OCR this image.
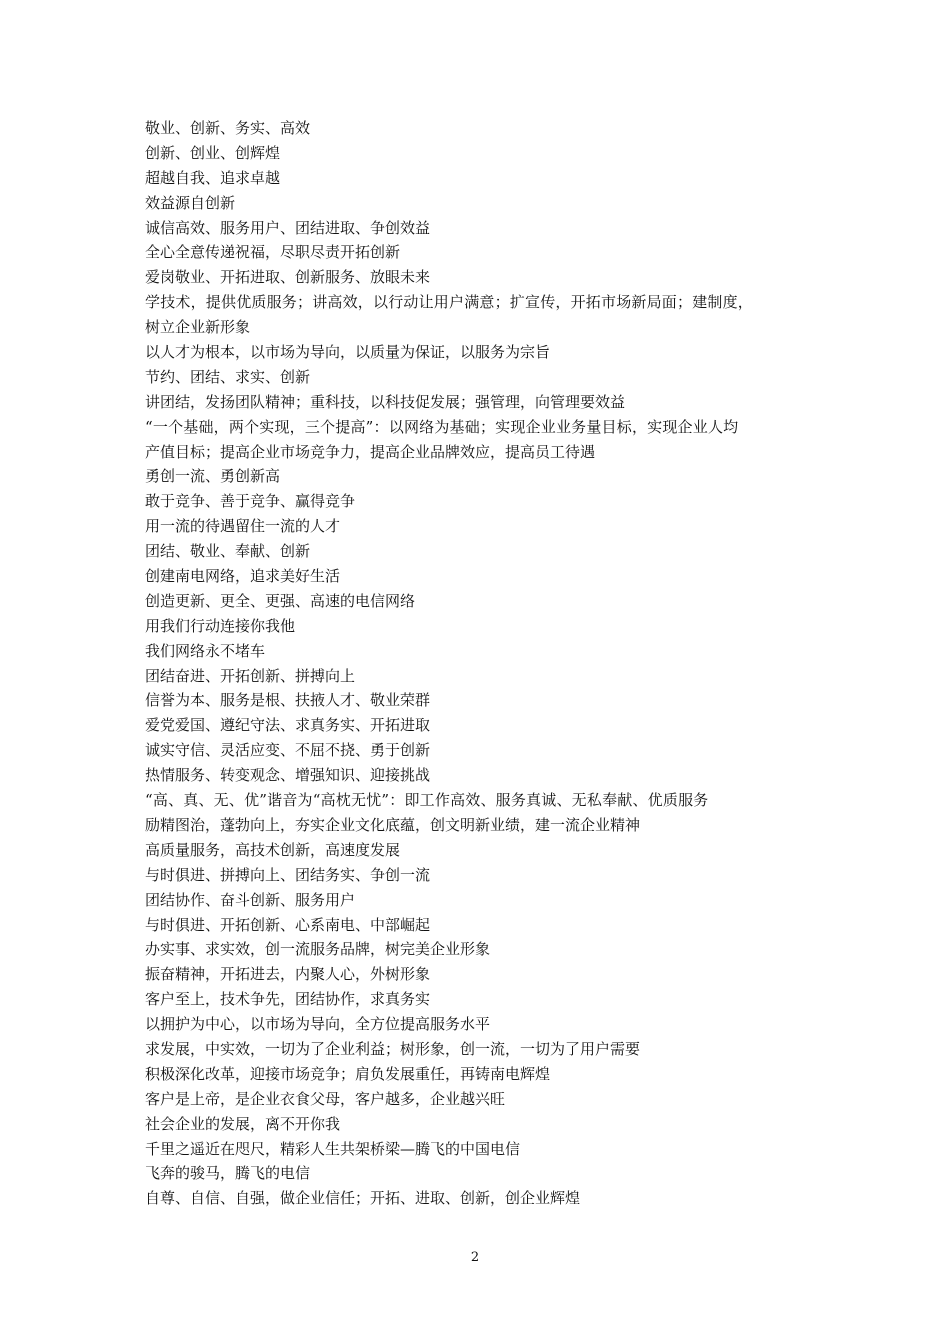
敬业、创新、务实、高效
创新、创业、创辉煌
超越自我、追求卓越
效益源自创新
诚信高效、服务用户、团结进取、争创效益
全心全意传递祝福，尽职尽责开拓创新
爱岗敬业、开拓进取、创新服务、放眼未来
学技术，提供优质服务；讲高效，以行动让用户满意；扩宣传，开拓市场新局面；建制度，
树立企业新形象
以人才为根本，以市场为导向，以质量为保证，以服务为宗旨
节约、团结、求实、创新
讲团结，发扬团队精神；重科技，以科技促发展；强管理，向管理要效益
“一个基础，两个实现，三个提高”：以网络为基础；实现企业业务量目标，实现企业人均
产值目标；提高企业市场竞争力，提高企业品牌效应，提高员工待遇
勇创一流、勇创新高
敢于竞争、善于竞争、赢得竞争
用一流的待遇留住一流的人才
团结、敬业、奉献、创新
创建南电网络，追求美好生活
创造更新、更全、更强、高速的电信网络
用我们行动连接你我他
我们网络永不堵车
团结奋进、开拓创新、拼搏向上
信誉为本、服务是根、扶掖人才、敬业荣群
爱党爱国、遵纪守法、求真务实、开拓进取
诚实守信、灵活应变、不屈不挠、勇于创新
热情服务、转变观念、增强知识、迎接挑战
“高、真、无、优”谐音为“高枕无忧”：即工作高效、服务真诚、无私奉献、优质服务
励精图治，蓬勃向上，夯实企业文化底蕴，创文明新业绩，建一流企业精神
高质量服务，高技术创新，高速度发展
与时俱进、拼搏向上、团结务实、争创一流
团结协作、奋斗创新、服务用户
与时俱进、开拓创新、心系南电、中部崛起
办实事、求实效，创一流服务品牌，树完美企业形象
振奋精神，开拓进去，内聚人心，外树形象
客户至上，技术争先，团结协作，求真务实
以拥护为中心，以市场为导向，全方位提高服务水平
求发展，中实效，一切为了企业利益；树形象，创一流，一切为了用户需要
积极深化改革，迎接市场竞争；肩负发展重任，再铸南电辉煌
客户是上帝，是企业衣食父母，客户越多，企业越兴旺
社会企业的发展，离不开你我
千里之遥近在咫尺，精彩人生共架桥梁—腾飞的中国电信
飞奔的骏马，腾飞的电信
自尊、自信、自强，做企业信任；开拓、进取、创新，创企业辉煌
2
